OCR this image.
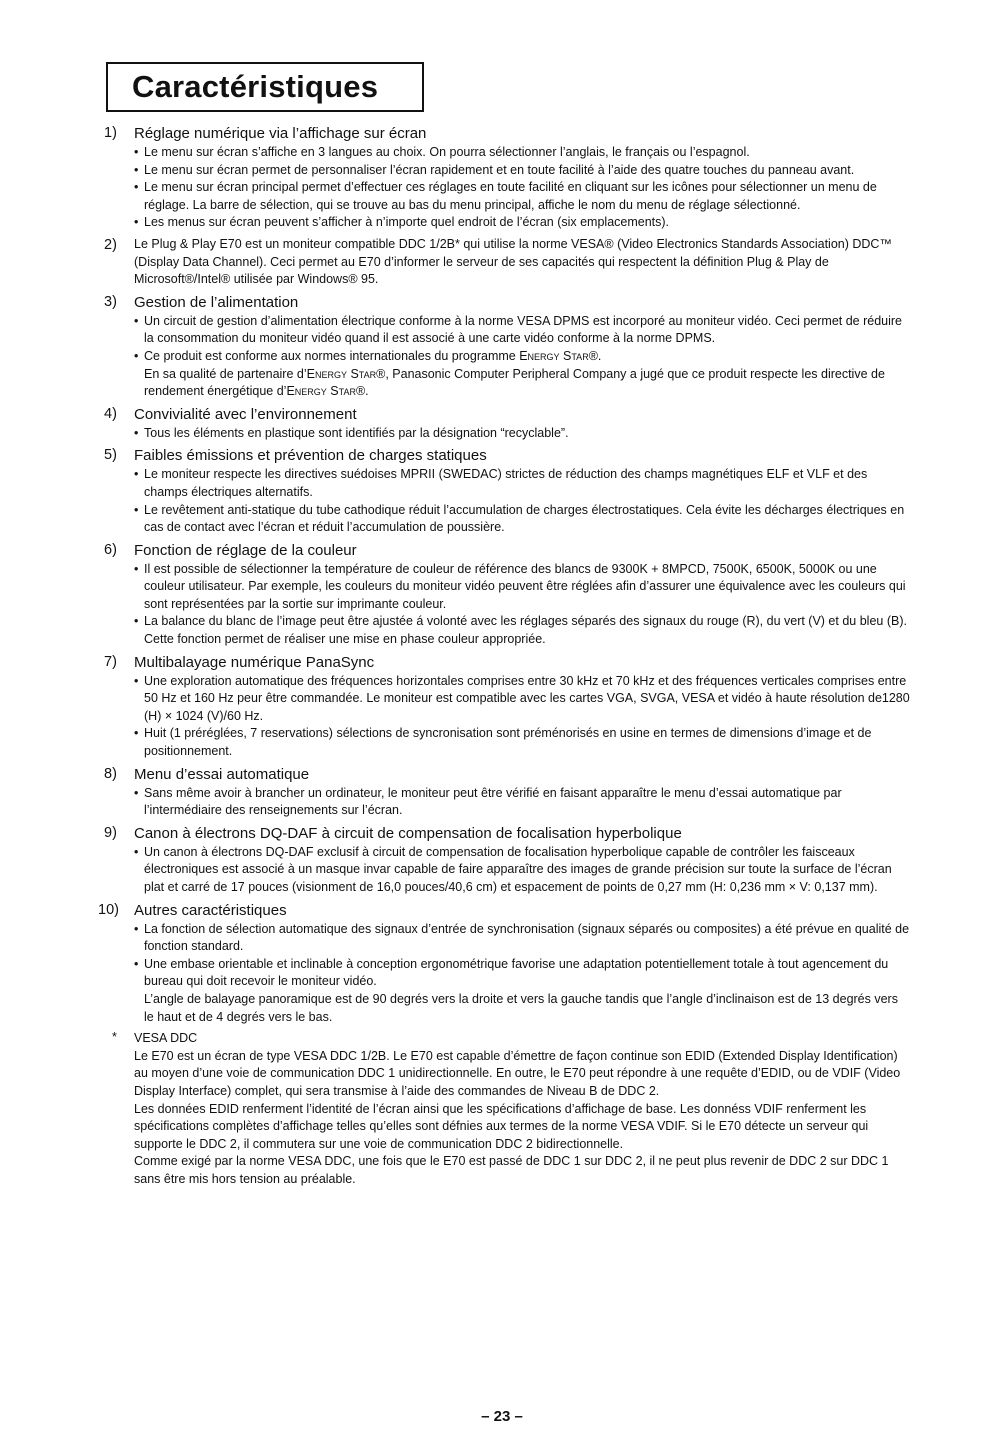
Caractéristiques
1) Réglage numérique via l’affichage sur écran
• Le menu sur écran s’affiche en 3 langues au choix. On pourra sélectionner l’anglais, le français ou l’espagnol.
• Le menu sur écran permet de personnaliser l’écran rapidement et en toute facilité à l’aide des quatre touches du panneau avant.
• Le menu sur écran principal permet d’effectuer ces réglages en toute facilité en cliquant sur les icônes pour sélectionner un menu de réglage. La barre de sélection, qui se trouve au bas du menu principal, affiche le nom du menu de réglage sélectionné.
• Les menus sur écran peuvent s’afficher à n’importe quel endroit de l’écran (six emplacements).
2) Le Plug & Play E70 est un moniteur compatible DDC 1/2B* qui utilise la norme VESA® (Video Electronics Standards Association) DDC™ (Display Data Channel). Ceci permet au E70 d’informer le serveur de ses capacités qui respectent la définition Plug & Play de Microsoft®/Intel® utilisée par Windows® 95.
3) Gestion de l’alimentation
• Un circuit de gestion d’alimentation électrique conforme à la norme VESA DPMS est incorporé au moniteur vidéo. Ceci permet de réduire la consommation du moniteur vidéo quand il est associé à une carte vidéo conforme à la norme DPMS.
• Ce produit est conforme aux normes internationales du programme Energy Star®.
En sa qualité de partenaire d’Energy Star®, Panasonic Computer Peripheral Company a jugé que ce produit respecte les directive de rendement énergétique d’Energy Star®.
4) Convivialité avec l’environnement
• Tous les éléments en plastique sont identifiés par la désignation “recyclable”.
5) Faibles émissions et prévention de charges statiques
• Le moniteur respecte les directives suédoises MPRII (SWEDAC) strictes de réduction des champs magnétiques ELF et VLF et des champs électriques alternatifs.
• Le revêtement anti-statique du tube cathodique réduit l’accumulation de charges électrostatiques. Cela évite les décharges électriques en cas de contact avec l’écran et réduit l’accumulation de poussière.
6) Fonction de réglage de la couleur
• Il est possible de sélectionner la température de couleur de référence des blancs de 9300K + 8MPCD, 7500K, 6500K, 5000K ou une couleur utilisateur. Par exemple, les couleurs du moniteur vidéo peuvent être réglées afin d’assurer une équivalence avec les couleurs qui sont représentées par la sortie sur imprimante couleur.
• La balance du blanc de l’image peut être ajustée á volonté avec les réglages séparés des signaux du rouge (R), du vert (V) et du bleu (B). Cette fonction permet de réaliser une mise en phase couleur appropriée.
7) Multibalayage numérique PanaSync
• Une exploration automatique des fréquences horizontales comprises entre 30 kHz et 70 kHz et des fréquences verticales comprises entre 50 Hz et 160 Hz peur être commandée. Le moniteur est compatible avec les cartes VGA, SVGA, VESA et vidéo à haute résolution de1280 (H) × 1024 (V)/60 Hz.
• Huit (1 préréglées, 7 reservations) sélections de syncronisation sont préménorisés en usine en termes de dimensions d’image et de positionnement.
8) Menu d’essai automatique
• Sans même avoir à brancher un ordinateur, le moniteur peut être vérifié en faisant apparaître le menu d’essai automatique par l’intermédiaire des renseignements sur l’écran.
9) Canon à électrons DQ-DAF à circuit de compensation de focalisation hyperbolique
• Un canon à électrons DQ-DAF exclusif à circuit de compensation de focalisation hyperbolique capable de contrôler les faisceaux électroniques est associé à un masque invar capable de faire apparaître des images de grande précision sur toute la surface de l’écran plat et carré de 17 pouces (visionment de 16,0 pouces/40,6 cm) et espacement de points de 0,27 mm (H: 0,236 mm × V: 0,137 mm).
10) Autres caractéristiques
• La fonction de sélection automatique des signaux d’entrée de synchronisation (signaux séparés ou composites) a été prévue en qualité de fonction standard.
• Une embase orientable et inclinable à conception ergonométrique favorise une adaptation potentiellement totale à tout agencement du bureau qui doit recevoir le moniteur vidéo.
L’angle de balayage panoramique est de 90 degrés vers la droite et vers la gauche tandis que l’angle d’inclinaison est de 13 degrés vers le haut et de 4 degrés vers le bas.
* VESA DDC

Le E70 est un écran de type VESA DDC 1/2B. Le E70 est capable d’émettre de façon continue son EDID (Extended Display Identification) au moyen d’une voie de communication DDC 1 unidirectionnelle. En outre, le E70 peut répondre à une requête d’EDID, ou de VDIF (Video Display Interface) complet, qui sera transmise à l’aide des commandes de Niveau B de DDC 2.

Les données EDID renferment l’identité de l’écran ainsi que les spécifications d’affichage de base. Les donnéss VDIF renferment les spécifications complètes d’affichage telles qu’elles sont défnies aux termes de la norme VESA VDIF. Si le E70 détecte un serveur qui supporte le DDC 2, il commutera sur une voie de communication DDC 2 bidirectionnelle.

Comme exigé par la norme VESA DDC, une fois que le E70 est passé de DDC 1 sur DDC 2, il ne peut plus revenir de DDC 2 sur DDC 1 sans être mis hors tension au préalable.

– 23 –
